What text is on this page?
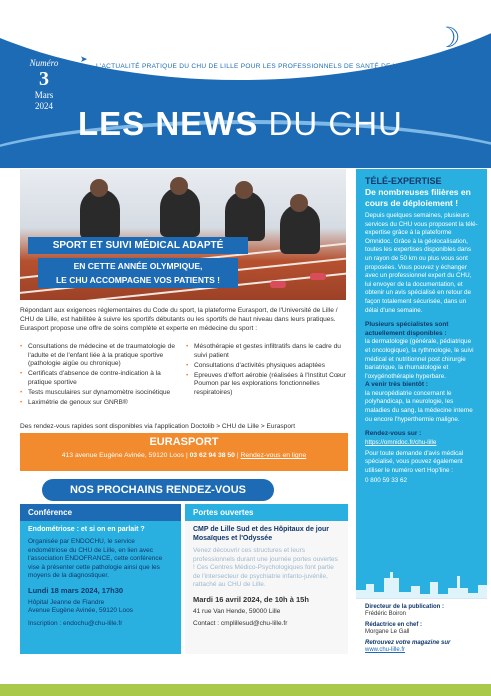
Numéro
3
Mars
2024
➤
L'ACTUALITÉ PRATIQUE DU CHU DE LILLE POUR LES PROFESSIONNELS DE SANTÉ DE VILLE
LES NEWS DU CHU
☽
CHU
LILLE
SPORT ET SUIVI MÉDICAL ADAPTÉ
EN CETTE ANNÉE OLYMPIQUE,
LE CHU ACCOMPAGNE VOS PATIENTS !
Répondant aux exigences réglementaires du Code du sport, la plateforme Eurasport, de l'Université de Lille / CHU de Lille, est habilitée à suivre les sportifs débutants ou les sportifs de haut niveau dans leurs pratiques. Eurasport propose une offre de soins complète et experte en médecine du sport :
• Consultations de médecine et de traumatologie de l'adulte et de l'enfant liée à la pratique sportive (pathologie aigüe ou chronique)
• Certificats d'absence de contre-indication à la pratique sportive
• Tests musculaires sur dynamomètre isocinétique
• Laximétrie de genoux sur GNRB®
• Mésothérapie et gestes infiltratifs dans le cadre du suivi patient
• Consultations d'activités physiques adaptées
• Epreuves d'effort aérobie (réalisées à l'Institut Cœur Poumon par les explorations fonctionnelles respiratoires)
Des rendez-vous rapides sont disponibles via l'application Doctolib > CHU de Lille > Eurasport
EURASPORT
413 avenue Eugène Avinée, 59120 Loos | 03 62 94 38 50 | Rendez-vous en ligne
NOS PROCHAINS RENDEZ-VOUS
Conférence
Endométriose : et si on en parlait ?
Organisée par ENDOCHU, le service endométriose du CHU de Lille, en lien avec l'association ENDOFRANCE, cette conférence vise à présenter cette pathologie ainsi que les moyens de la diagnostiquer.
Lundi 18 mars 2024, 17h30
Hôpital Jeanne de Flandre
Avenue Eugène Avinée, 59120 Loos
Inscription : endochu@chu-lille.fr
Portes ouvertes
CMP de Lille Sud et des Hôpitaux de jour Mosaïques et l'Odyssée
Venez découvrir ces structures et leurs professionnels durant une journée portes ouvertes ! Ces Centres Médico-Psychologiques font partie de l'intersecteur de psychiatrie infanto-juvénile, rattaché au CHU de Lille.
Mardi 16 avril 2024, de 10h à 15h
41 rue Van Hende, 59000 Lille
Contact : cmplillesud@chu-lille.fr
TÉLÉ-EXPERTISE
De nombreuses filières en cours de déploiement !
Depuis quelques semaines, plusieurs services du CHU vous proposent la télé-expertise grâce à la plateforme Omnidoc. Grâce à la géolocalisation, toutes les expertises disponibles dans un rayon de 50 km ou plus vous sont proposées. Vous pouvez y échanger avec un professionnel expert du CHU, lui envoyer de la documentation, et obtenir un avis spécialisé en retour de façon totalement sécurisée, dans un délai d'une semaine.
Plusieurs spécialistes sont actuellement disponibles :
la dermatologie (générale, pédiatrique et oncologique), la rythmologie, le suivi médical et nutritionnel post chirurgie bariatrique, la rhumatologie et l'oxygénothérapie hyperbare.
A venir très bientôt :
la neuropédiatrie concernant le polyhandicap, la neurologie, les maladies du sang, la médecine interne ou encore l'hyperthermie maligne.
Rendez-vous sur :
https://omnidoc.fr/chu-lille
Pour toute demande d'avis médical spécialisé, vous pouvez également utiliser le numéro vert Hop'line :
0 800 59 33 62
Directeur de la publication :
Frédéric Boiron
Rédactrice en chef :
Morgane Le Gall
Retrouvez votre magazine sur
www.chu-lille.fr
